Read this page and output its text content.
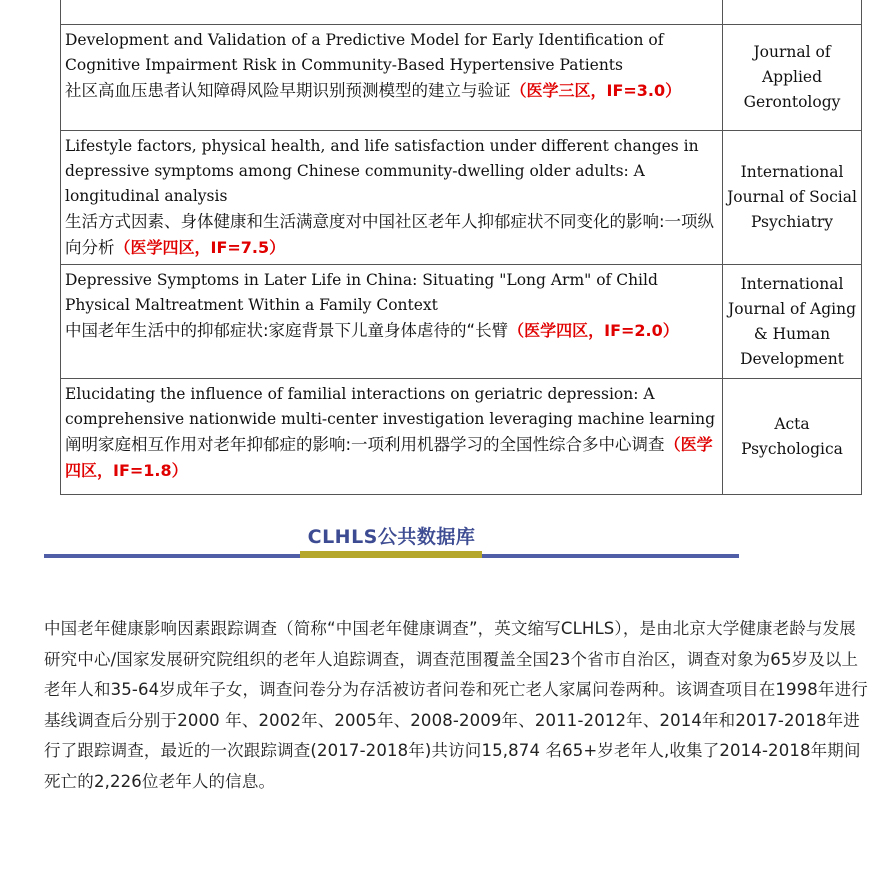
Development and Validation of a Predictive Model for Early Identification of Cognitive Impairment Risk in Community-Based Hypertensive Patients
社区高血压患者认知障碍风险早期识别预测模型的建立与验证（医学三区，IF=3.0）	Journal of Applied Gerontology
Lifestyle factors, physical health, and life satisfaction under different changes in depressive symptoms among Chinese community-dwelling older adults: A longitudinal analysis
生活方式因素、身体健康和生活满意度对中国社区老年人抑郁症状不同变化的影响:一项纵向分析（医学四区，IF=7.5）	International Journal of Social Psychiatry
Depressive Symptoms in Later Life in China: Situating "Long Arm" of Child Physical Maltreatment Within a Family Context
中国老年生活中的抑郁症状:家庭背景下儿童身体虐待的“长臂（医学四区，IF=2.0）	International Journal of Aging & Human Development
Elucidating the influence of familial interactions on geriatric depression: A comprehensive nationwide multi-center investigation leveraging machine learning
阐明家庭相互作用对老年抑郁症的影响:一项利用机器学习的全国性综合多中心调查（医学四区，IF=1.8）	Acta Psychologica
CLHLS公共数据库

中国老年健康影响因素跟踪调查（简称“中国老年健康调查”，英文缩写CLHLS），是由北京大学健康老龄与发展研究中心/国家发展研究院组织的老年人追踪调查，调查范围覆盖全国23个省市自治区，调查对象为65岁及以上老年人和35-64岁成年子女，调查问卷分为存活被访者问卷和死亡老人家属问卷两种。该调查项目在1998年进行基线调查后分别于2000 年、2002年、2005年、2008-2009年、2011-2012年、2014年和2017-2018年进行了跟踪调查，最近的一次跟踪调查(2017-2018年)共访问15,874 名65+岁老年人,收集了2014-2018年期间死亡的2,226位老年人的信息。
